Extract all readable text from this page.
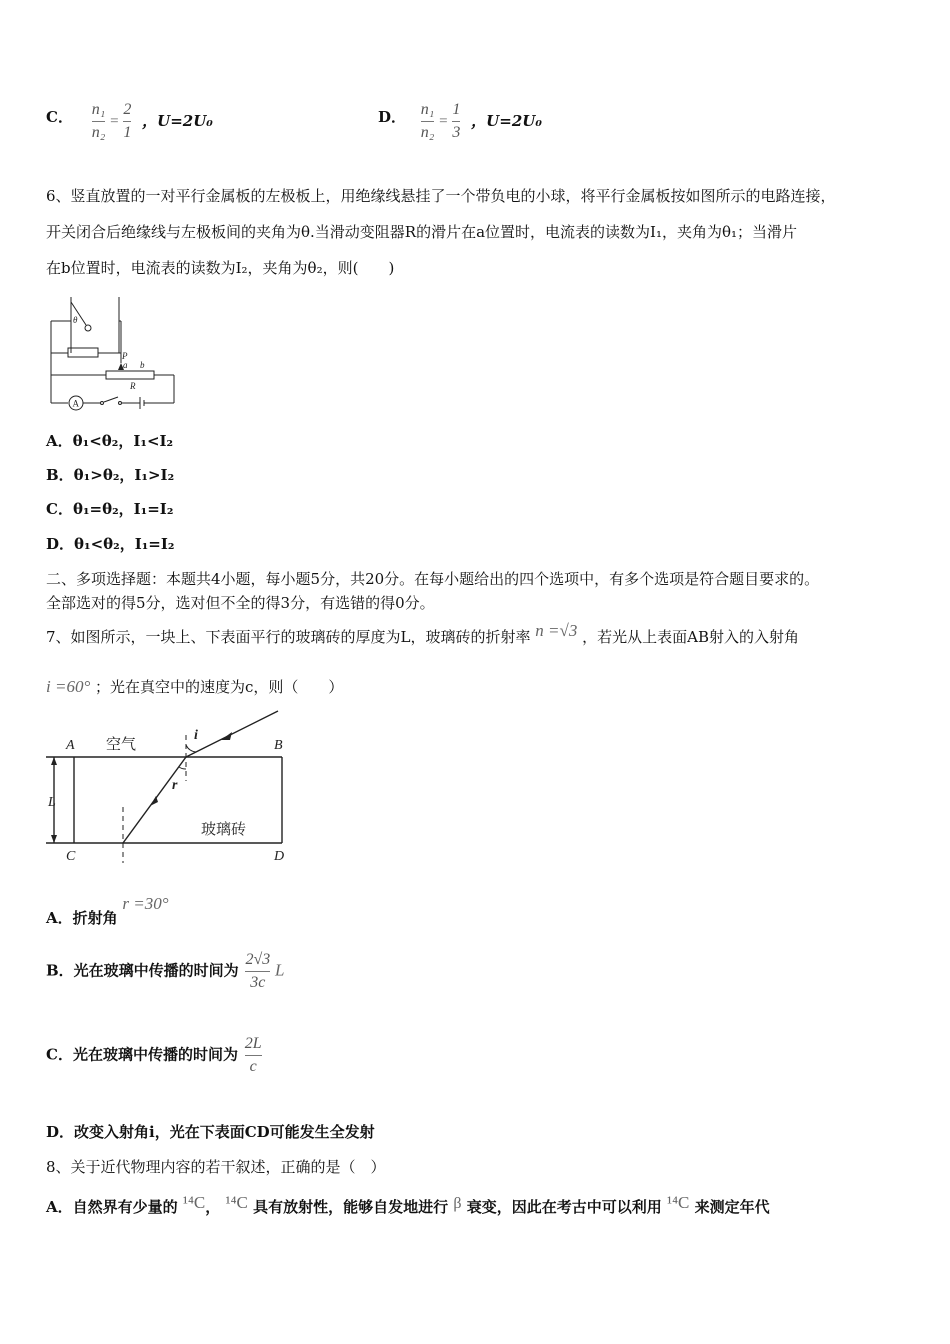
C． $\frac{\text{n₁}}{\text{n₂}} = \frac{2}{1}$ ，U=2U₀	D． $\frac{\text{n₁}}{\text{n₂}} = \frac{1}{3}$ ，U=2U₀
6、竖直放置的一对平行金属板的左极板上，用绝缘线悬挂了一个带负电的小球，将平行金属板按如图所示的电路连接，
开关闭合后绝缘线与左极板间的夹角为θ.当滑动变阻器R的滑片在a位置时，电流表的读数为I₁，夹角为θ₁；当滑片
在b位置时，电流表的读数为I₂，夹角为θ₂，则(　　)
θ
P
a b
R
A
A．θ₁<θ₂，I₁<I₂
B．θ₁>θ₂，I₁>I₂
C．θ₁=θ₂，I₁=I₂
D．θ₁<θ₂，I₁=I₂
二、多项选择题：本题共4小题，每小题5分，共20分。在每小题给出的四个选项中，有多个选项是符合题目要求的。
全部选对的得5分，选对但不全的得3分，有选错的得0分。
7、如图所示，一块上、下表面平行的玻璃砖的厚度为L，玻璃砖的折射率 n =√3 ，若光从上表面AB射入的入射角
i =60° ；光在真空中的速度为c，则（　　）
A	B
C	D
空气
玻璃砖
L
i
r
A．折射角 r =30°
B．光在玻璃中传播的时间为 $\frac{2√3}{3c}$ L
C．光在玻璃中传播的时间为 $\frac{2L}{c}$
D．改变入射角i，光在下表面CD可能发生全发射
8、关于近代物理内容的若干叙述，正确的是（　）
A．自然界有少量的 ¹⁴C， ¹⁴C 具有放射性，能够自发地进行 β 衰变，因此在考古中可以利用 ¹⁴C 来测定年代
